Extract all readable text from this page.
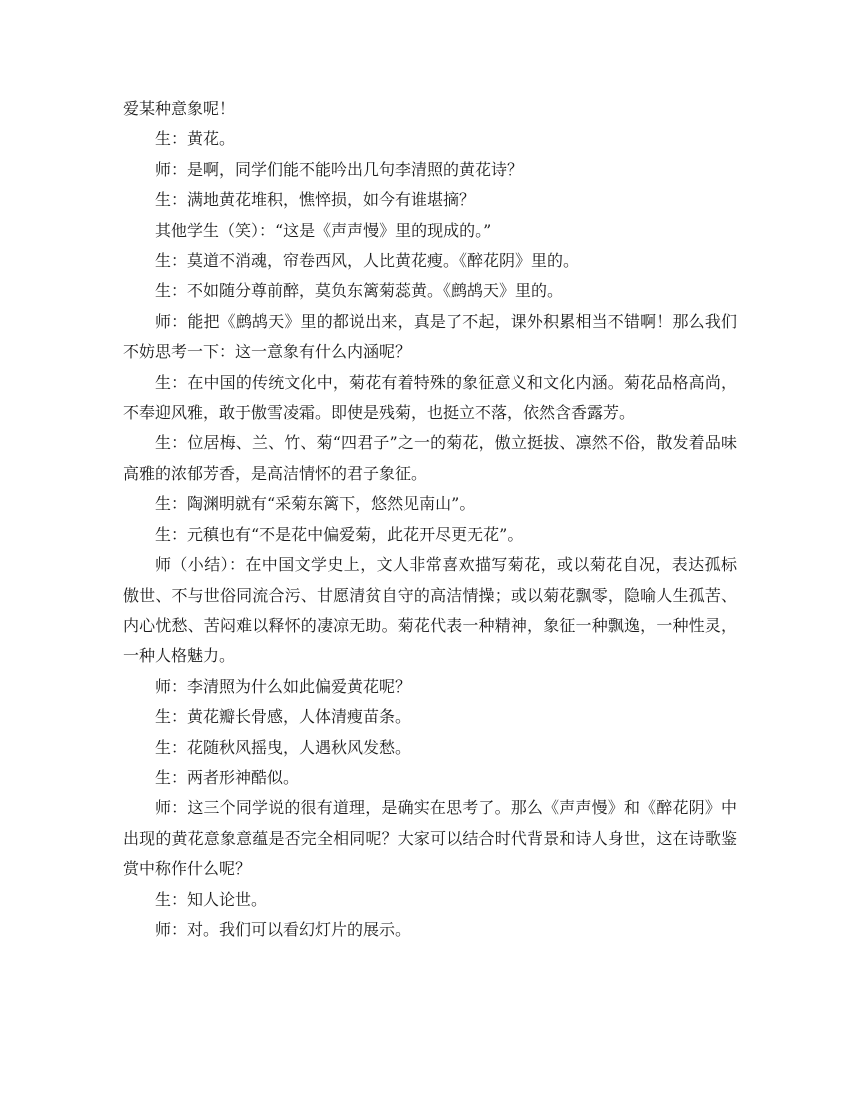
爱某种意象呢！

生：黄花。

师：是啊，同学们能不能吟出几句李清照的黄花诗？

生：满地黄花堆积，憔悴损，如今有谁堪摘？

其他学生（笑）：“这是《声声慢》里的现成的。”

生：莫道不消魂，帘卷西风，人比黄花瘦。《醉花阴》里的。

生：不如随分尊前醉，莫负东篱菊蕊黄。《鹧鸪天》里的。

师：能把《鹧鸪天》里的都说出来，真是了不起，课外积累相当不错啊！那么我们不妨思考一下：这一意象有什么内涵呢？

生：在中国的传统文化中，菊花有着特殊的象征意义和文化内涵。菊花品格高尚，不奉迎风雅，敢于傲雪凌霜。即使是残菊，也挺立不落，依然含香露芳。

生：位居梅、兰、竹、菊“四君子”之一的菊花，傲立挺拔、凛然不俗，散发着品味高雅的浓郁芳香，是高洁情怀的君子象征。

生：陶渊明就有“采菊东篱下，悠然见南山”。

生：元稹也有“不是花中偏爱菊，此花开尽更无花”。

师（小结）：在中国文学史上，文人非常喜欢描写菊花，或以菊花自况，表达孤标傲世、不与世俗同流合污、甘愿清贫自守的高洁情操；或以菊花飘零，隐喻人生孤苦、内心忧愁、苦闷难以释怀的凄凉无助。菊花代表一种精神，象征一种飘逸，一种性灵，一种人格魅力。

师：李清照为什么如此偏爱黄花呢？

生：黄花瓣长骨感，人体清瘦苗条。

生：花随秋风摇曳，人遇秋风发愁。

生：两者形神酷似。

师：这三个同学说的很有道理，是确实在思考了。那么《声声慢》和《醉花阴》中出现的黄花意象意蕴是否完全相同呢？大家可以结合时代背景和诗人身世，这在诗歌鉴赏中称作什么呢？

生：知人论世。

师：对。我们可以看幻灯片的展示。
